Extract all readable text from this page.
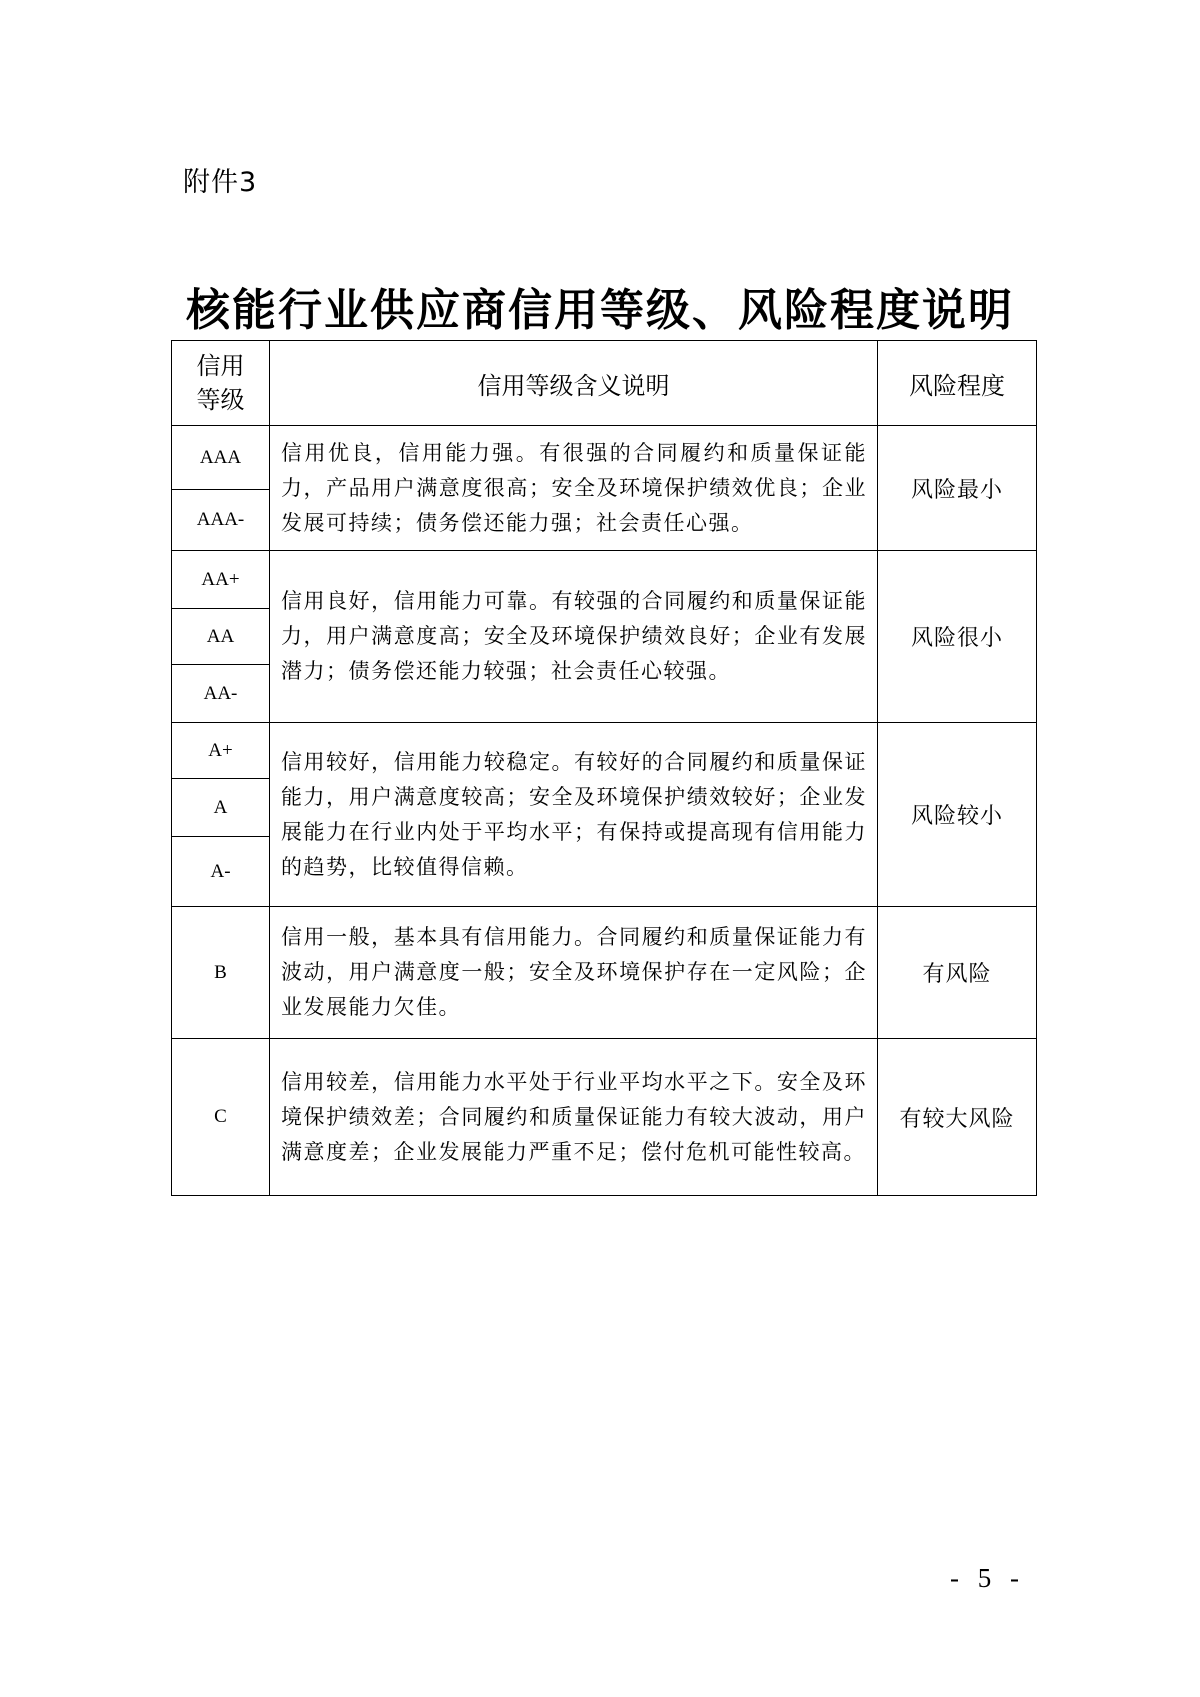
附件3
核能行业供应商信用等级、风险程度说明
信用
等级	信用等级含义说明	风险程度
AAA	信用优良，信用能力强。有很强的合同履约和质量保证能力，产品用户满意度很高；安全及环境保护绩效优良；企业发展可持续；债务偿还能力强；社会责任心强。	风险最小
AAA-		
AA+	信用良好，信用能力可靠。有较强的合同履约和质量保证能力，用户满意度高；安全及环境保护绩效良好；企业有发展潜力；债务偿还能力较强；社会责任心较强。	风险很小
AA		
AA-		
A+	信用较好，信用能力较稳定。有较好的合同履约和质量保证能力，用户满意度较高；安全及环境保护绩效较好；企业发展能力在行业内处于平均水平；有保持或提高现有信用能力的趋势，比较值得信赖。	风险较小
A		
A-		
B	信用一般，基本具有信用能力。合同履约和质量保证能力有波动，用户满意度一般；安全及环境保护存在一定风险；企业发展能力欠佳。	有风险
C	信用较差，信用能力水平处于行业平均水平之下。安全及环境保护绩效差；合同履约和质量保证能力有较大波动，用户满意度差；企业发展能力严重不足；偿付危机可能性较高。	有较大风险
- 5 -
